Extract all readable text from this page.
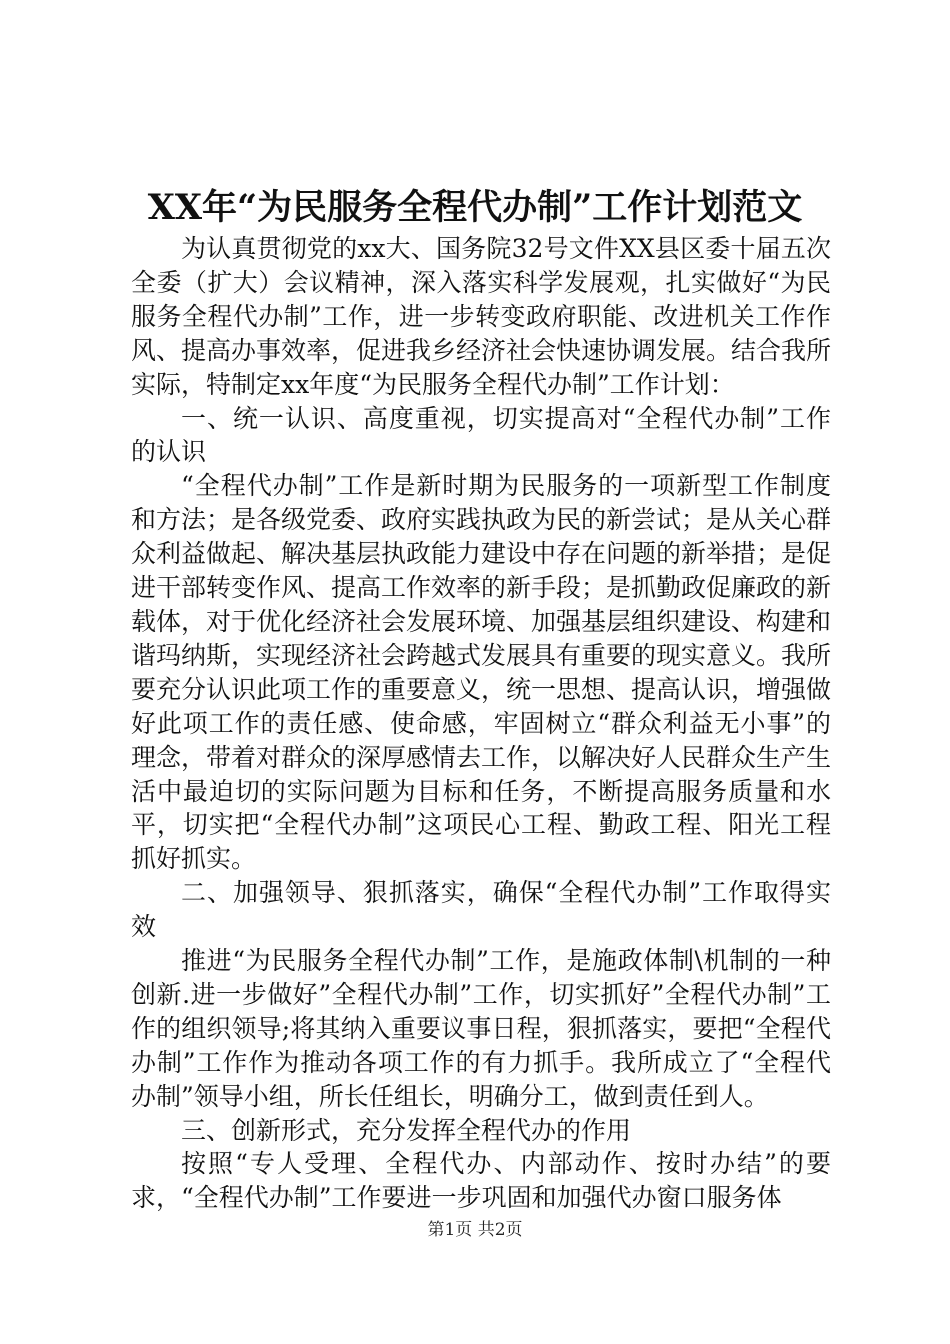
XX年“为民服务全程代办制”工作计划范文

为认真贯彻党的xx大、国务院32号文件XX县区委十届五次全委（扩大）会议精神，深入落实科学发展观，扎实做好“为民服务全程代办制”工作，进一步转变政府职能、改进机关工作作风、提高办事效率，促进我乡经济社会快速协调发展。结合我所实际，特制定xx年度“为民服务全程代办制”工作计划：

一、统一认识、高度重视，切实提高对“全程代办制”工作的认识

“全程代办制”工作是新时期为民服务的一项新型工作制度和方法；是各级党委、政府实践执政为民的新尝试；是从关心群众利益做起、解决基层执政能力建设中存在问题的新举措；是促进干部转变作风、提高工作效率的新手段；是抓勤政促廉政的新载体，对于优化经济社会发展环境、加强基层组织建设、构建和谐玛纳斯，实现经济社会跨越式发展具有重要的现实意义。我所要充分认识此项工作的重要意义，统一思想、提高认识，增强做好此项工作的责任感、使命感，牢固树立“群众利益无小事”的理念，带着对群众的深厚感情去工作，以解决好人民群众生产生活中最迫切的实际问题为目标和任务，不断提高服务质量和水平，切实把“全程代办制”这项民心工程、勤政工程、阳光工程抓好抓实。

二、加强领导、狠抓落实，确保“全程代办制”工作取得实效

推进“为民服务全程代办制”工作，是施政体制\机制的一种创新.进一步做好”全程代办制”工作，切实抓好”全程代办制”工作的组织领导;将其纳入重要议事日程，狠抓落实，要把“全程代办制”工作作为推动各项工作的有力抓手。我所成立了“全程代办制”领导小组，所长任组长，明确分工，做到责任到人。

三、创新形式，充分发挥全程代办的作用

按照“专人受理、全程代办、内部动作、按时办结”的要求，“全程代办制”工作要进一步巩固和加强代办窗口服务体

第1页 共2页
